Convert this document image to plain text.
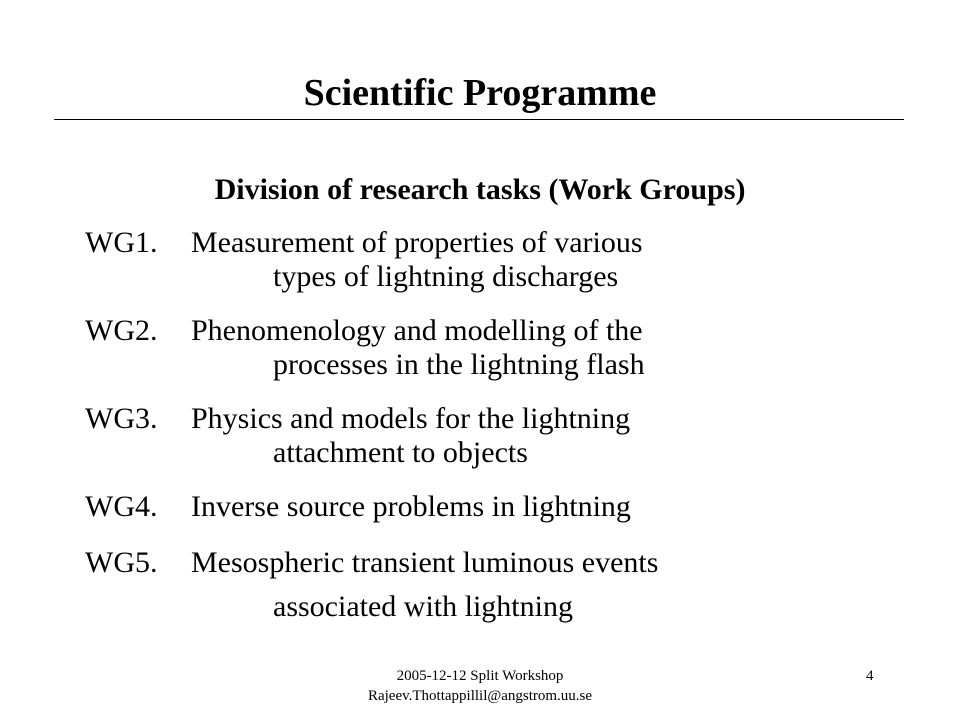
Scientific Programme
Division of research tasks (Work Groups)
WG1. Measurement of properties of various
types of lightning discharges
WG2. Phenomenology and modelling of the
processes in the lightning flash
WG3. Physics and models for the lightning
attachment to objects
WG4. Inverse source problems in lightning
WG5. Mesospheric transient luminous events
associated with lightning
2005-12-12 Split Workshop
Rajeev.Thottappillil@angstrom.uu.se
4
